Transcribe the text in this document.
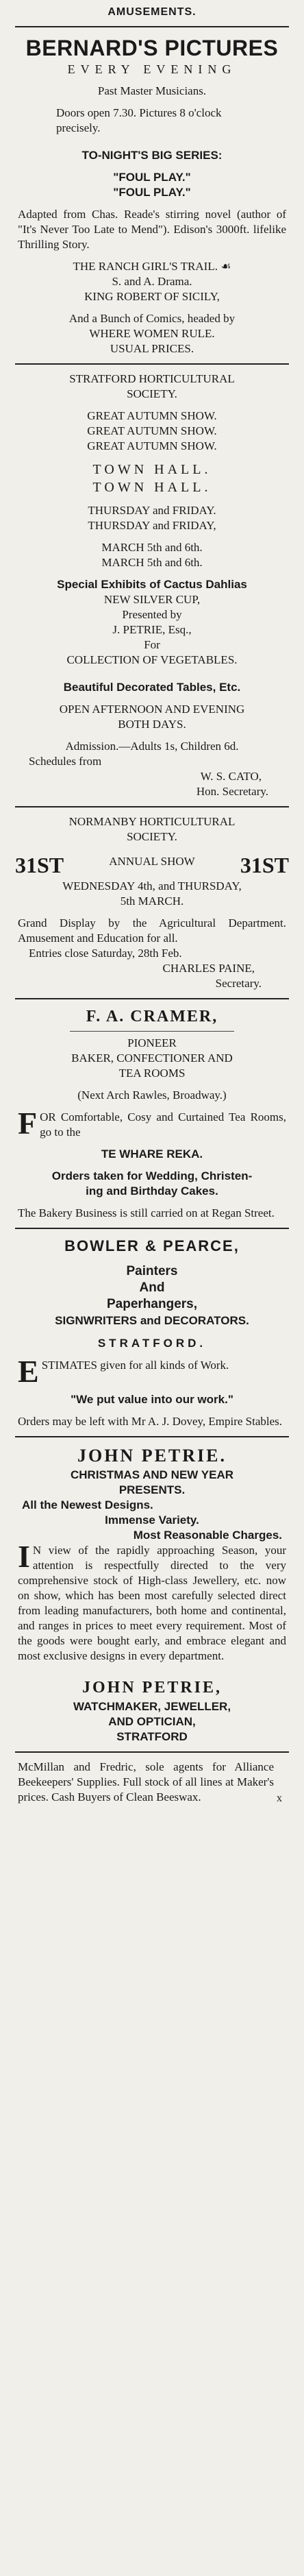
AMUSEMENTS.
BERNARD'S PICTURES
EVERY EVENING
Past Master Musicians.
Doors open 7.30. Pictures 8 o'clock
precisely.
TO-NIGHT'S BIG SERIES:
"FOUL PLAY."
"FOUL PLAY."
Adapted from Chas. Reade's stirring novel (author of "It's Never Too Late to Mend"). Edison's 3000ft. lifelike Thrilling Story.
THE RANCH GIRL'S TRAIL. ☙
S. and A. Drama.
KING ROBERT OF SICILY,
And a Bunch of Comics, headed by
WHERE WOMEN RULE.
USUAL PRICES.
STRATFORD HORTICULTURAL
SOCIETY.
GREAT AUTUMN SHOW.
GREAT AUTUMN SHOW.
GREAT AUTUMN SHOW.
TOWN HALL.
TOWN HALL.
THURSDAY and FRIDAY.
THURSDAY and FRIDAY,
MARCH 5th and 6th.
MARCH 5th and 6th.
Special Exhibits of Cactus Dahlias
NEW SILVER CUP,
Presented by
J. PETRIE, Esq.,
For
COLLECTION OF VEGETABLES.
Beautiful Decorated Tables, Etc.
OPEN AFTERNOON AND EVENING
BOTH DAYS.
Admission.—Adults 1s, Children 6d.
Schedules from
W. S. CATO,
Hon. Secretary.
NORMANBY HORTICULTURAL
SOCIETY.
31ST	ANNUAL SHOW 31ST
WEDNESDAY 4th, and THURSDAY,
5th MARCH.
Grand Display by the Agricultural Department. Amusement and Education for all.
Entries close Saturday, 28th Feb.
CHARLES PAINE,
Secretary.
F. A. CRAMER,
PIONEER
BAKER, CONFECTIONER AND
TEA ROOMS
(Next Arch Rawles, Broadway.)
FOR Comfortable, Cosy and Curtained Tea Rooms, go to the
TE WHARE REKA.
Orders taken for Wedding, Christen-
ing and Birthday Cakes.
The Bakery Business is still carried on at Regan Street.
BOWLER & PEARCE,
Painters
And
Paperhangers,
SIGNWRITERS and DECORATORS.
STRATFORD.
ESTIMATES given for all kinds of Work.
"We put value into our work."
Orders may be left with Mr A. J. Dovey, Empire Stables.
JOHN PETRIE.
CHRISTMAS AND NEW YEAR
PRESENTS.
All the Newest Designs.
Immense Variety.
Most Reasonable Charges.
I N view of the rapidly approaching Season, your attention is respectfully directed to the very comprehensive stock of High-class Jewellery, etc. now on show, which has been most carefully selected direct from leading manufacturers, both home and continental, and ranges in prices to meet every requirement. Most of the goods were bought early, and embrace elegant and most exclusive designs in every department.
JOHN PETRIE,
WATCHMAKER, JEWELLER,
AND OPTICIAN,
STRATFORD
McMillan and Fredric, sole agents for Alliance Beekeepers' Supplies. Full stock of all lines at Maker's prices. Cash Buyers of Clean Beeswax.	x
